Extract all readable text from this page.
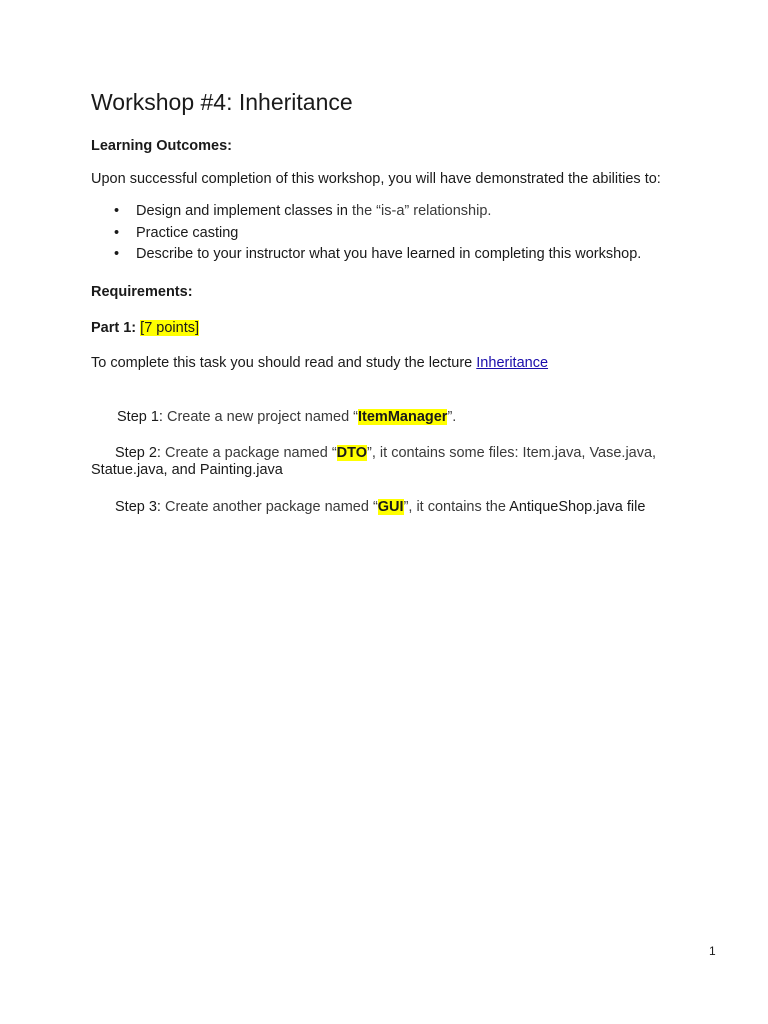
Workshop #4: Inheritance

Learning Outcomes:

Upon successful completion of this workshop, you will have demonstrated the abilities to:

• Design and implement classes in the “is-a” relationship.
• Practice casting
• Describe to your instructor what you have learned in completing this workshop.

Requirements:

Part 1: [7 points]

To complete this task you should read and study the lecture Inheritance

Step 1: Create a new project named “ItemManager”.

Step 2: Create a package named “DTO”, it contains some files: Item.java, Vase.java,
Statue.java, and Painting.java

Step 3: Create another package named “GUI”, it contains the AntiqueShop.java file

1
